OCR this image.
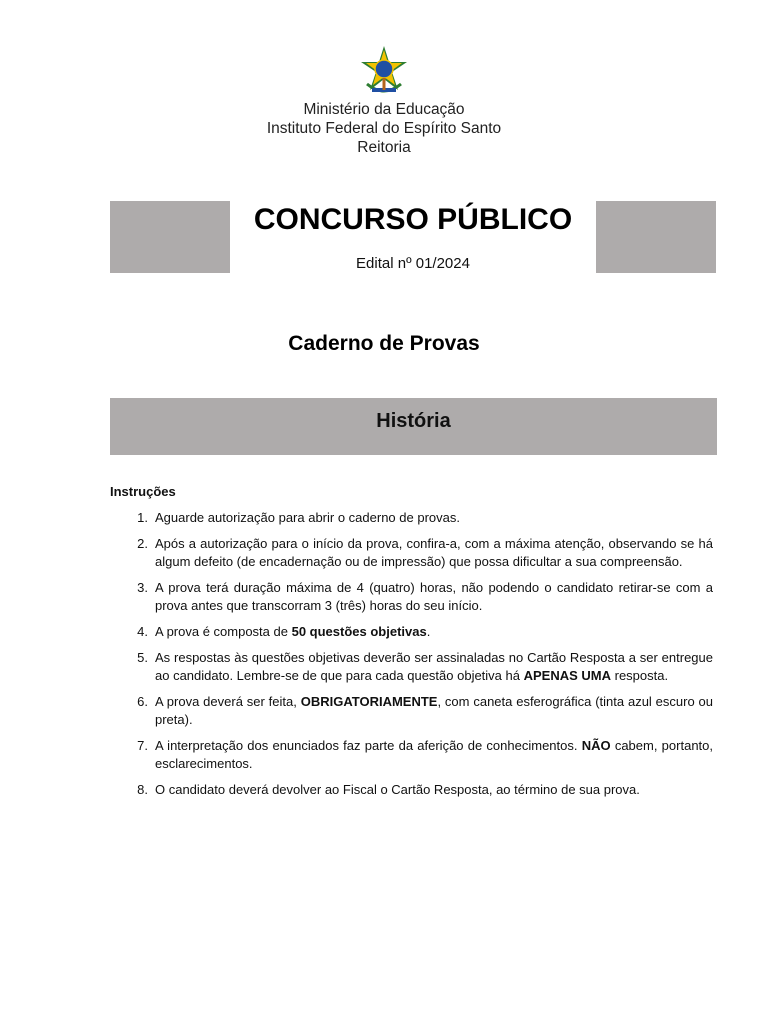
Ministério da Educação
Instituto Federal do Espírito Santo
Reitoria
CONCURSO PÚBLICO
Edital nº 01/2024
Caderno de Provas
História
Instruções
1. Aguarde autorização para abrir o caderno de provas.
2. Após a autorização para o início da prova, confira-a, com a máxima atenção, observando se há algum defeito (de encadernação ou de impressão) que possa dificultar a sua compreensão.
3. A prova terá duração máxima de 4 (quatro) horas, não podendo o candidato retirar-se com a prova antes que transcorram 3 (três) horas do seu início.
4. A prova é composta de 50 questões objetivas.
5. As respostas às questões objetivas deverão ser assinaladas no Cartão Resposta a ser entregue ao candidato. Lembre-se de que para cada questão objetiva há APENAS UMA resposta.
6. A prova deverá ser feita, OBRIGATORIAMENTE, com caneta esferográfica (tinta azul escuro ou preta).
7. A interpretação dos enunciados faz parte da aferição de conhecimentos. NÃO cabem, portanto, esclarecimentos.
8. O candidato deverá devolver ao Fiscal o Cartão Resposta, ao término de sua prova.
